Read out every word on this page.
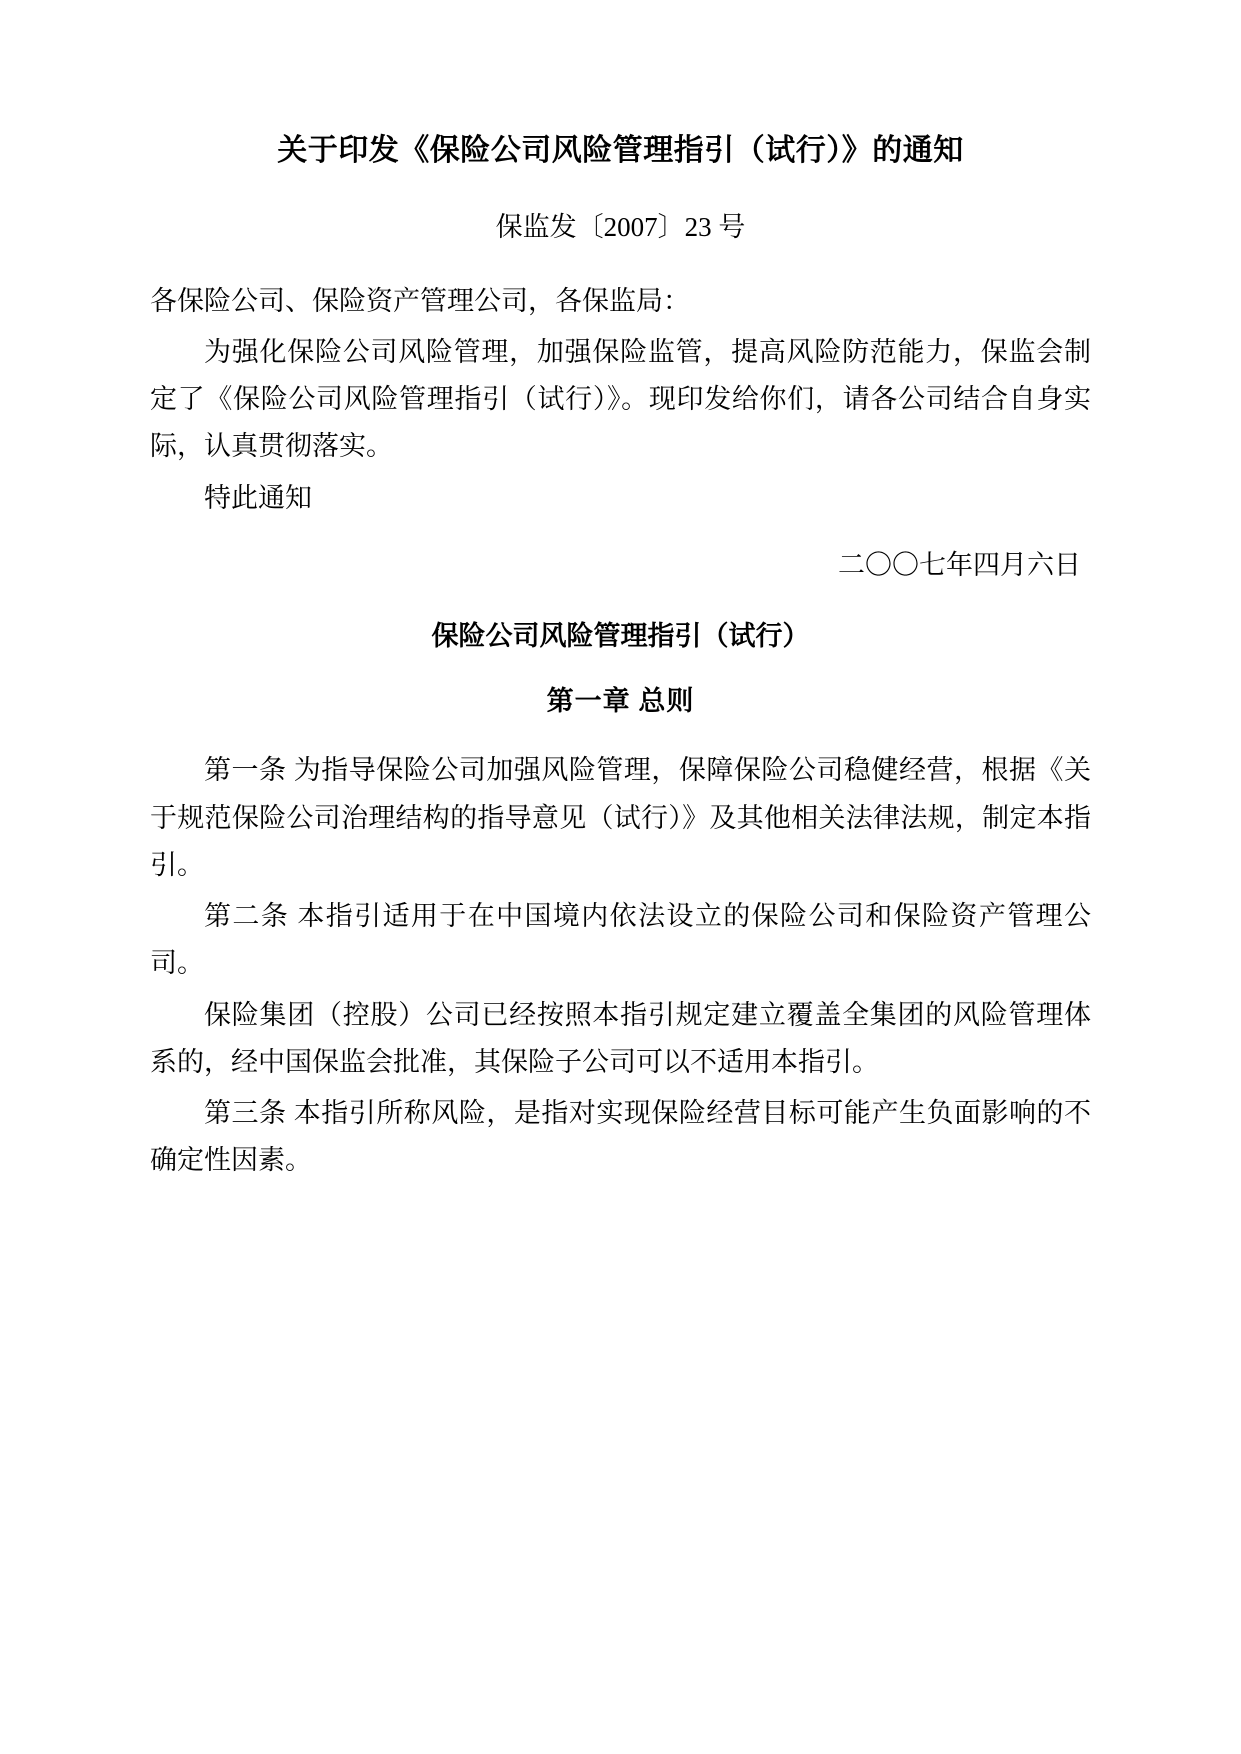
关于印发《保险公司风险管理指引（试行）》的通知

保监发〔2007〕23 号

各保险公司、保险资产管理公司，各保监局：

为强化保险公司风险管理，加强保险监管，提高风险防范能力，保监会制定了《保险公司风险管理指引（试行）》。现印发给你们，请各公司结合自身实际，认真贯彻落实。

特此通知

二〇〇七年四月六日

保险公司风险管理指引（试行）
第一章 总则

第一条 为指导保险公司加强风险管理，保障保险公司稳健经营，根据《关于规范保险公司治理结构的指导意见（试行）》及其他相关法律法规，制定本指引。

第二条 本指引适用于在中国境内依法设立的保险公司和保险资产管理公司。

保险集团（控股）公司已经按照本指引规定建立覆盖全集团的风险管理体系的，经中国保监会批准，其保险子公司可以不适用本指引。

第三条 本指引所称风险，是指对实现保险经营目标可能产生负面影响的不确定性因素。
